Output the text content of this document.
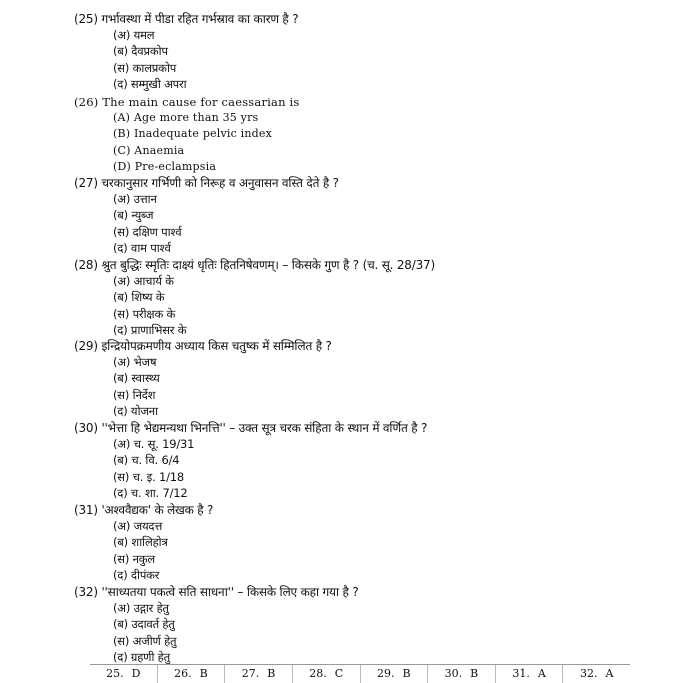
(25) गर्भावस्था में पीडा रहित गर्भस्राव का कारण है ?
(अ) यमल
(ब) दैवप्रकोप
(स) कालप्रकोप
(द) सम्मुखी अपरा
(26) The main cause for caessarian is
(A) Age more than 35 yrs
(B) Inadequate pelvic index
(C) Anaemia
(D) Pre-eclampsia
(27) चरकानुसार गर्भिणी को निरूह व अनुवासन वस्ति देते है ?
(अ) उत्तान
(ब) न्युब्ज
(स) दक्षिण पार्श्व
(द) वाम पार्श्व
(28) श्रुत बुद्धिः स्मृतिः दाक्ष्यं धृतिः हितनिषेवणम्। – किसके गुण है ? (च. सू. 28/37)
(अ) आचार्य के
(ब) शिष्य के
(स) परीक्षक के
(द) प्राणाभिसर के
(29) इन्द्रियोपक्रमणीय अध्याय किस चतुष्क में सम्मिलित है ?
(अ) भेजष
(ब) स्वास्थ्य
(स) निर्देश
(द) योजना
(30) ''भेत्ता हि भेद्यमन्यथा भिनत्ति'' – उक्त सूत्र चरक संहिता के स्थान में वर्णित है ?
(अ) च. सू. 19/31
(ब) च. वि. 6/4
(स) च. इ. 1/18
(द) च. शा. 7/12
(31) 'अश्ववैद्यक' के लेखक है ?
(अ) जयदत्त
(ब) शालिहोत्र
(स) नकुल
(द) दीपंकर
(32) ''साध्यतया पकत्वे सति साधना'' – किसके लिए कहा गया है ?
(अ) उद्गार हेतु
(ब) उदावर्त हेतु
(स) अजीर्ण हेतु
(द) ग्रहणी हेतु
25. D	26. B	27. B	28. C	29. B	30. B	31. A	32. A
